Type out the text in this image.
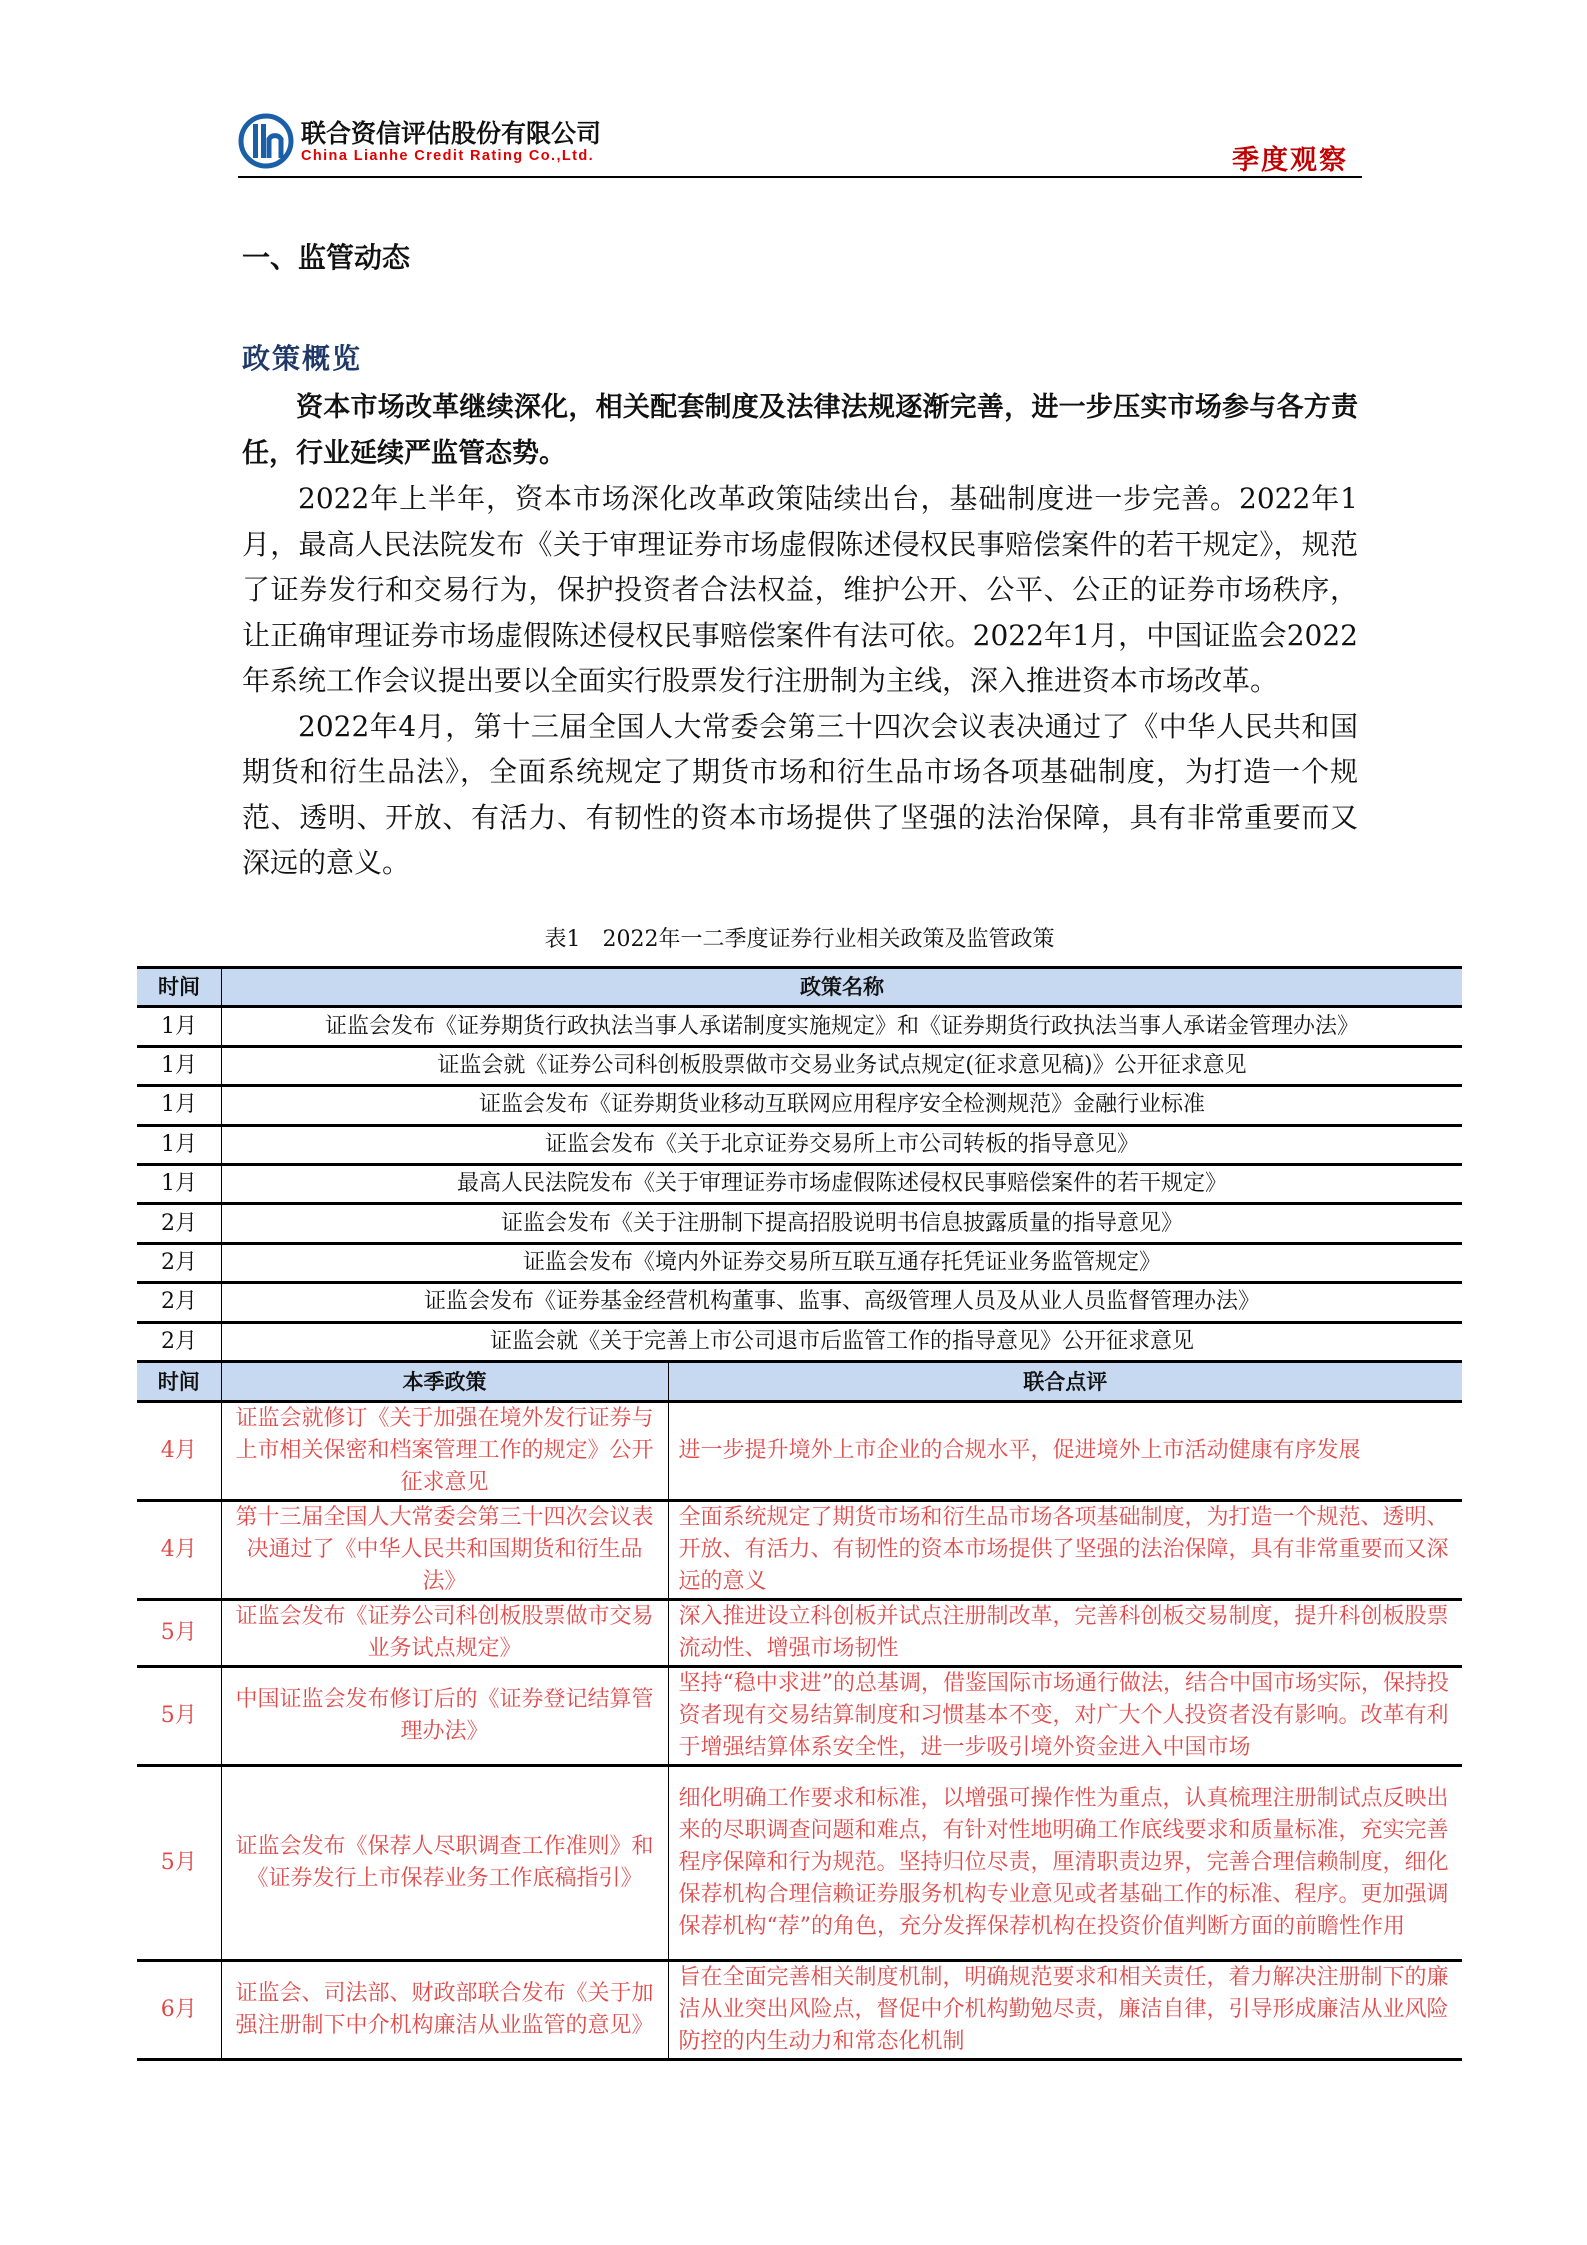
联合资信评估股份有限公司
China Lianhe Credit Rating Co.,Ltd.	季度观察
一、监管动态
政策概览

资本市场改革继续深化，相关配套制度及法律法规逐渐完善，进一步压实市场参与各方责任，行业延续严监管态势。

2022年上半年，资本市场深化改革政策陆续出台，基础制度进一步完善。2022年1月，最高人民法院发布《关于审理证券市场虚假陈述侵权民事赔偿案件的若干规定》，规范了证券发行和交易行为，保护投资者合法权益，维护公开、公平、公正的证券市场秩序，让正确审理证券市场虚假陈述侵权民事赔偿案件有法可依。2022年1月，中国证监会2022年系统工作会议提出要以全面实行股票发行注册制为主线，深入推进资本市场改革。

2022年4月，第十三届全国人大常委会第三十四次会议表决通过了《中华人民共和国期货和衍生品法》，全面系统规定了期货市场和衍生品市场各项基础制度，为打造一个规范、透明、开放、有活力、有韧性的资本市场提供了坚强的法治保障，具有非常重要而又深远的意义。

表1　2022年一二季度证券行业相关政策及监管政策
时间	政策名称
1月	证监会发布《证券期货行政执法当事人承诺制度实施规定》和《证券期货行政执法当事人承诺金管理办法》
1月	证监会就《证券公司科创板股票做市交易业务试点规定(征求意见稿)》公开征求意见
1月	证监会发布《证券期货业移动互联网应用程序安全检测规范》金融行业标准
1月	证监会发布《关于北京证券交易所上市公司转板的指导意见》
1月	最高人民法院发布《关于审理证券市场虚假陈述侵权民事赔偿案件的若干规定》
2月	证监会发布《关于注册制下提高招股说明书信息披露质量的指导意见》
2月	证监会发布《境内外证券交易所互联互通存托凭证业务监管规定》
2月	证监会发布《证券基金经营机构董事、监事、高级管理人员及从业人员监督管理办法》
2月	证监会就《关于完善上市公司退市后监管工作的指导意见》公开征求意见
时间	本季政策	联合点评
4月	证监会就修订《关于加强在境外发行证券与上市相关保密和档案管理工作的规定》公开征求意见	进一步提升境外上市企业的合规水平，促进境外上市活动健康有序发展
4月	第十三届全国人大常委会第三十四次会议表决通过了《中华人民共和国期货和衍生品法》	全面系统规定了期货市场和衍生品市场各项基础制度，为打造一个规范、透明、开放、有活力、有韧性的资本市场提供了坚强的法治保障，具有非常重要而又深远的意义
5月	证监会发布《证券公司科创板股票做市交易业务试点规定》	深入推进设立科创板并试点注册制改革，完善科创板交易制度，提升科创板股票流动性、增强市场韧性
5月	中国证监会发布修订后的《证券登记结算管理办法》	坚持“稳中求进”的总基调，借鉴国际市场通行做法，结合中国市场实际，保持投资者现有交易结算制度和习惯基本不变，对广大个人投资者没有影响。改革有利于增强结算体系安全性，进一步吸引境外资金进入中国市场
5月	证监会发布《保荐人尽职调查工作准则》和《证券发行上市保荐业务工作底稿指引》	细化明确工作要求和标准，以增强可操作性为重点，认真梳理注册制试点反映出来的尽职调查问题和难点，有针对性地明确工作底线要求和质量标准，充实完善程序保障和行为规范。坚持归位尽责，厘清职责边界，完善合理信赖制度，细化保荐机构合理信赖证券服务机构专业意见或者基础工作的标准、程序。更加强调保荐机构“荐”的角色，充分发挥保荐机构在投资价值判断方面的前瞻性作用
6月	证监会、司法部、财政部联合发布《关于加强注册制下中介机构廉洁从业监管的意见》	旨在全面完善相关制度机制，明确规范要求和相关责任，着力解决注册制下的廉洁从业突出风险点，督促中介机构勤勉尽责，廉洁自律，引导形成廉洁从业风险防控的内生动力和常态化机制
